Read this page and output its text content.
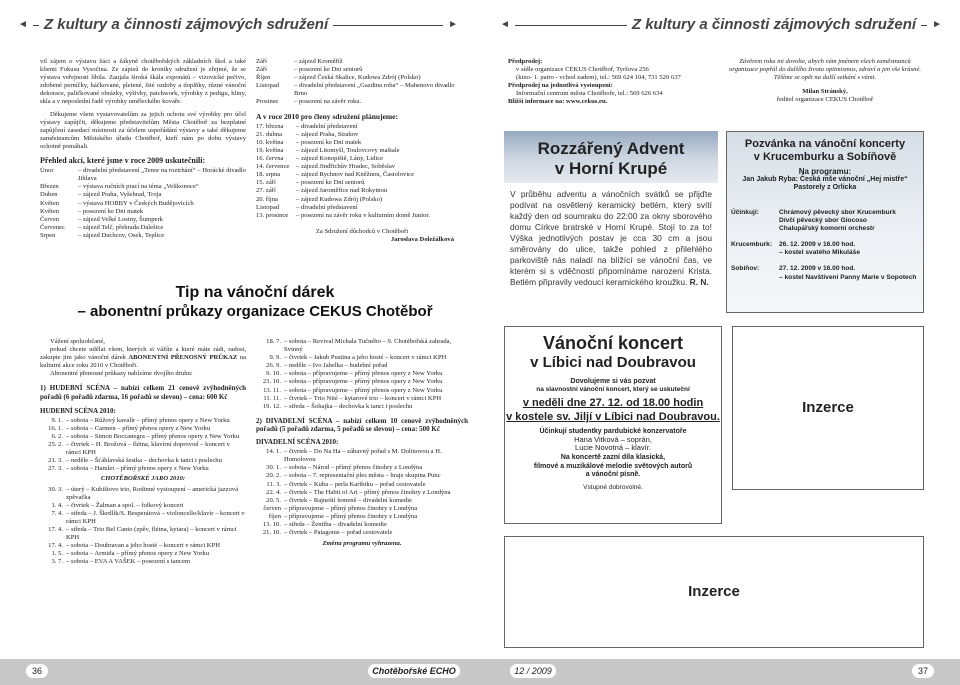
◄ Z kultury a činnosti zájmových sdružení	►	◄	Z kultury a činnosti zájmových sdružení ►

vil zájem o výstavu žáci a žákyně chotěbořských základních škol a také klienti Fokusu Vysočina. Ze zápisů do kroniky sdružení je zřejmé, že se výstava veřejnosti líbila. Zaujala široká škála exponátů – vizovické pečivo, zdobené perníčky, háčkované, pletené, šité ozdoby a doplňky, různé vánoční dekorace, paličkované obrázky, výšivky, patchwork, výrobky z pedigu, hliny, skla a v neposlední řadě výrobky uměleckého kovaře.

Děkujeme všem vystavovatelům za jejich ochotu své výrobky pro účel výstavy zapůjčit, děkujeme představitelům Města Chotěboř za bezplatné zapůjčení zasedací místnosti za účelem uspořádání výstavy a také děkujeme zaměstnancům Městského úřadu Chotěboř, kteří nám po dobu výstavy ochotně pomáhali.

Přehled akcí, které jsme v roce 2009 uskutečnili:
Únor	– divadelní představení „Tenor na roztrhání“ – Horácké divadlo Jihlava
Březen	– výstava ručních prací na téma „Velikonoce“
Duben	– zájezd Praha, Vyšehrad, Troja
Květen	– výstava HOBBY v Českých Budějovicích
Květen	– posezení ke Dni matek
Červen	– zájezd Velké Losiny, Šumperk
Červenec	– zájezd Telč, přehrada Dalešice
Srpen	– zájezd Duchcov, Osek, Teplice
Září	– zájezd Kroměříž
Září	– posezení ke Dni seniorů
Říjen	– zájezd Česká Skalice, Kudowa Zdrój (Polsko)
Listopad	– divadelní představení „Gazdina roba“ – Mahenovo divadlo Brno
Prosinec	– posezení na závěr roku.
A v roce 2010 pro členy sdružení plánujeme:
17. března	– divadelní představení
21. dubna	– zájezd Praha, Strahov
10. května	– posezení ke Dni matek
19. května	– zájezd Litomyšl, Toulovcovy maštale
16. června	– zájezd Konopiště, Lány, Lidice
14. července	– zájezd Jindřichův Hradec, Soběslav
18. srpna	– zájezd Rychnov nad Kněžnou, Častolovice
15. září	– posezení ke Dni seniorů
27. září	– zájezd Jaroměřice nad Rokytnou
20. října	– zájezd Kudowa Zdrój (Polsko)
Listopad	– divadelní představení
13. prosince	– posezení na závěr roku v kulturním domě Junior.
Za Sdružení důchodců v Chotěboři
Jaroslava Doležálková
Tip na vánoční dárek
– abonentní průkazy organizace CEKUS Chotěboř

Vážení spoluobčané,

pokud chcete udělat všem, kterých si vážíte a které máte rádi, radost, zakupte jim jako vánoční dárek ABONENTNÍ PŘENOSNÝ PRŮKAZ na kulturní akce roku 2010 v Chotěboři.

Abonentní přenosné průkazy nabízíme dvojího druhu:

1) HUDEBNÍ SCÉNA – nabízí celkem 21 cenově zvýhodněných pořadů (6 pořadů zdarma, 16 pořadů se slevou) – cena: 600 Kč

HUDEBNÍ SCÉNA 2010:
9. 1. – sobota – Růžový kavalír – přímý přenos opery z New Yorku
16. 1. – sobota – Carmen – přímý přenos opery z New Yorku
6. 2. – sobota – Simon Boccanegra – přímý přenos opery z New Yorku
25. 2. – čtvrtek – H. Brožová – flétna, klavírní doprovod – koncert v rámci KPH
21. 3. – neděle – Šťáhlavská šestka – dechovka k tanci i poslechu
27. 3. – sobota – Hamlet – přímý přenos opery z New Yorku
CHOTĚBOŘSKÉ JARO 2010:
30. 3. – úterý – Kubištovo trio, Rodinné vystoupení – americká jazzová zpěvačka
1. 4. – čtvrtek – Žalman a spol. – folkový koncert
7. 4. – středa – J. Škrdlík/S. Besperátová – violoncello/klavír – koncert v rámci KPH
17. 4. – středa – Trio Bel Canto (zpěv, flétna, kytara) – koncert v rámci KPH
17. 4. – sobota – Doubravan a jeho hosté – koncert v rámci KPH
1. 5. – sobota – Armida – přímý přenos opery z New Yorku
3. 7. – sobota – EVA A VAŠEK – posezení s tancem
18. 7. – sobota – Revival Michala Tučného – 9. Chotěbořská zahrada, Svinný
9. 9. – čtvrtek – Jakub Pustina a jeho hosté – koncert v rámci KPH
26. 9. – neděle – Ivo Jahelka – hudební pořad
9. 10. – sobota – přípravujeme – přímý přenos opery z New Yorku
23. 10. – sobota – přípravujeme – přímý přenos opery z New Yorku
13. 11. – sobota – přípravujeme – přímý přenos opery z New Yorku
11. 11. – čtvrtek – Trio Nité – kytarové trio – koncert v rámci KPH
19. 12. – středa – Šohajka – dechovka k tanci i poslechu

2) DIVADELNÍ SCÉNA – nabízí celkem 10 cenově zvýhodněných pořadů (5 pořadů zdarma, 5 pořadů se slevou) – cena: 500 Kč

DIVADELNÍ SCÉNA 2010:
14. 1. – čtvrtek – Do Na Ha – zábavný pořad s M. Dolinovou a H. Homolovou
30. 1. – sobota – Národ – přímý přenos činohry z Londýna
20. 2. – sobota – 7. representační ples města – hraje skupina Punc
11. 3. – čtvrtek – Kuba – perla Karibiku – pořad cestovatele
22. 4. – čtvrtek – The Habit of Art – přímý přenos činohry z Londýna
20. 5. – čtvrtek – Rajneští femeně – divadelní komedie
červen – přípravujeme – přímý přenos činohry z Londýna
říjen – přípravujeme – přímý přenos činohry z Londýna
13. 10. – středa – Ženitba – divadelní komedie
21. 10. – čtvrtek – Patagonie – pořad cestovatele
Změna programu vyhrazena.
Předprodej:
v sídle organizace CEKUS Chotěboř, Tyršova 256
(kino- 1. patro - vchod zadem), tel.: 569 624 104, 731 520 637
Předprodej na jednotlivá vystoupení:
Informační centrum města Chotěboře, tel.: 569 626 634
Bližší informace na: www.cekus.eu.

Závěrem roku mi dovolte, abych vám jménem všech zaměstnanců organizace popřál do dalšího života optimismus, zdraví a jen vše krásné. Těšíme se opět na další setkání s vámi.

Milan Stránský,
ředitel organizace CEKUS Chotěboř
Rozzářený Advent
v Horní Krupé
V průběhu adventu a vánočních svátků se přijďte podívat na osvětlený keramický betlém, který svítí každý den od soumraku do 22:00 za okny sborového domu Církve bratrské v Horní Krupé. Stojí to za to! Výška jednotlivých postav je cca 30 cm a jsou směrovány do ulice, takže pohled z přilehlého parkoviště nás naladí na blížící se vánoční čas, ve kterém si s vděčností připomínáme narození Krista. Betlém připravily vedoucí keramického kroužku. R. N.
Pozvánka na vánoční koncerty
v Krucemburku a Sobíňově
Na programu:
Jan Jakub Ryba: Česká mše vánoční „Hej mistře“
Pastorely z Orlicka
Účinkují:	Chrámový pěvecký sbor Krucemburk
Dívčí pěvecký sbor Giocoso
Chalupářský komorní orchestr
Krucemburk:	26. 12. 2009 v 16.00 hod.
– kostel svatého Mikuláše
Sobíňov:	27. 12. 2009 v 16.00 hod.
– kostel Navštívení Panny Marie v Sopotech
Vánoční koncert
v Líbici nad Doubravou
Dovolujeme si vás pozvat
na slavnostní vánoční koncert, který se uskuteční
v neděli dne 27. 12. od 18.00 hodin
v kostele sv. Jiljí v Líbici nad Doubravou.
Účinkují studentky pardubické konzervatoře
Hana Vitková – soprán,
Lucie Novotná – klavír.
Na koncertě zazní díla klasická,
filmové a muzikálové melodie světových autorů
a vánoční písně.
Vstupné dobrovolné.
Inzerce
Inzerce
36	Chotěbořské ECHO	12 / 2009	37
